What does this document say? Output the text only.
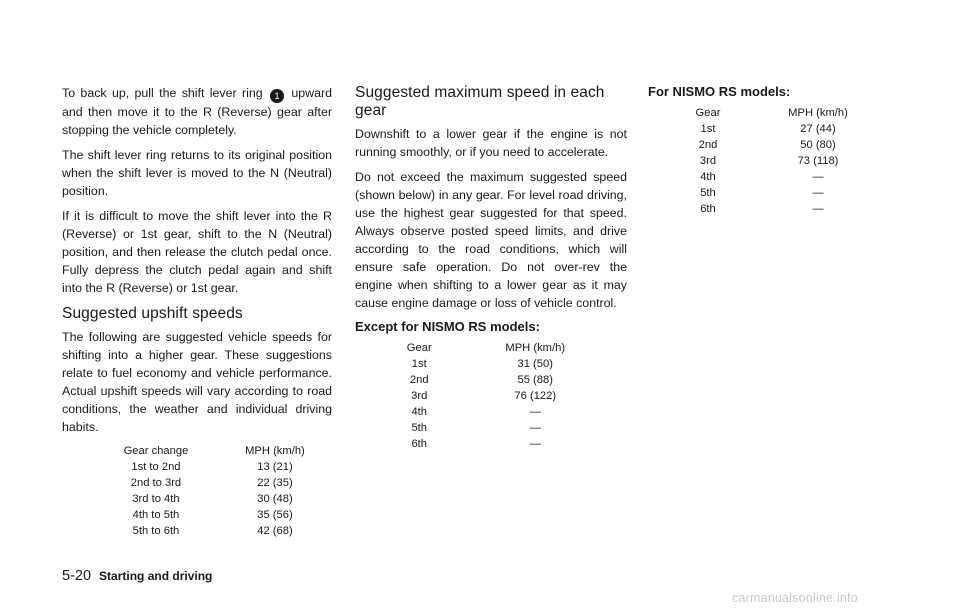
To back up, pull the shift lever ring 1 upward and then move it to the R (Reverse) gear after stopping the vehicle completely.

The shift lever ring returns to its original position when the shift lever is moved to the N (Neutral) position.

If it is difficult to move the shift lever into the R (Reverse) or 1st gear, shift to the N (Neutral) position, and then release the clutch pedal once. Fully depress the clutch pedal again and shift into the R (Reverse) or 1st gear.

Suggested upshift speeds

The following are suggested vehicle speeds for shifting into a higher gear. These suggestions relate to fuel economy and vehicle performance. Actual upshift speeds will vary according to road conditions, the weather and individual driving habits.

Gear change	MPH (km/h)
1st to 2nd	13 (21)
2nd to 3rd	22 (35)
3rd to 4th	30 (48)
4th to 5th	35 (56)
5th to 6th	42 (68)
Suggested maximum speed in each gear

Downshift to a lower gear if the engine is not running smoothly, or if you need to accelerate.

Do not exceed the maximum suggested speed (shown below) in any gear. For level road driving, use the highest gear suggested for that speed. Always observe posted speed limits, and drive according to the road conditions, which will ensure safe operation. Do not over-rev the engine when shifting to a lower gear as it may cause engine damage or loss of vehicle control.

Except for NISMO RS models:
Gear	MPH (km/h)
1st	31 (50)
2nd	55 (88)
3rd	76 (122)
4th	—
5th	—
6th	—
For NISMO RS models:
Gear	MPH (km/h)
1st	27 (44)
2nd	50 (80)
3rd	73 (118)
4th	—
5th	—
6th	—
5-20 Starting and driving
carmanualsonline.info
